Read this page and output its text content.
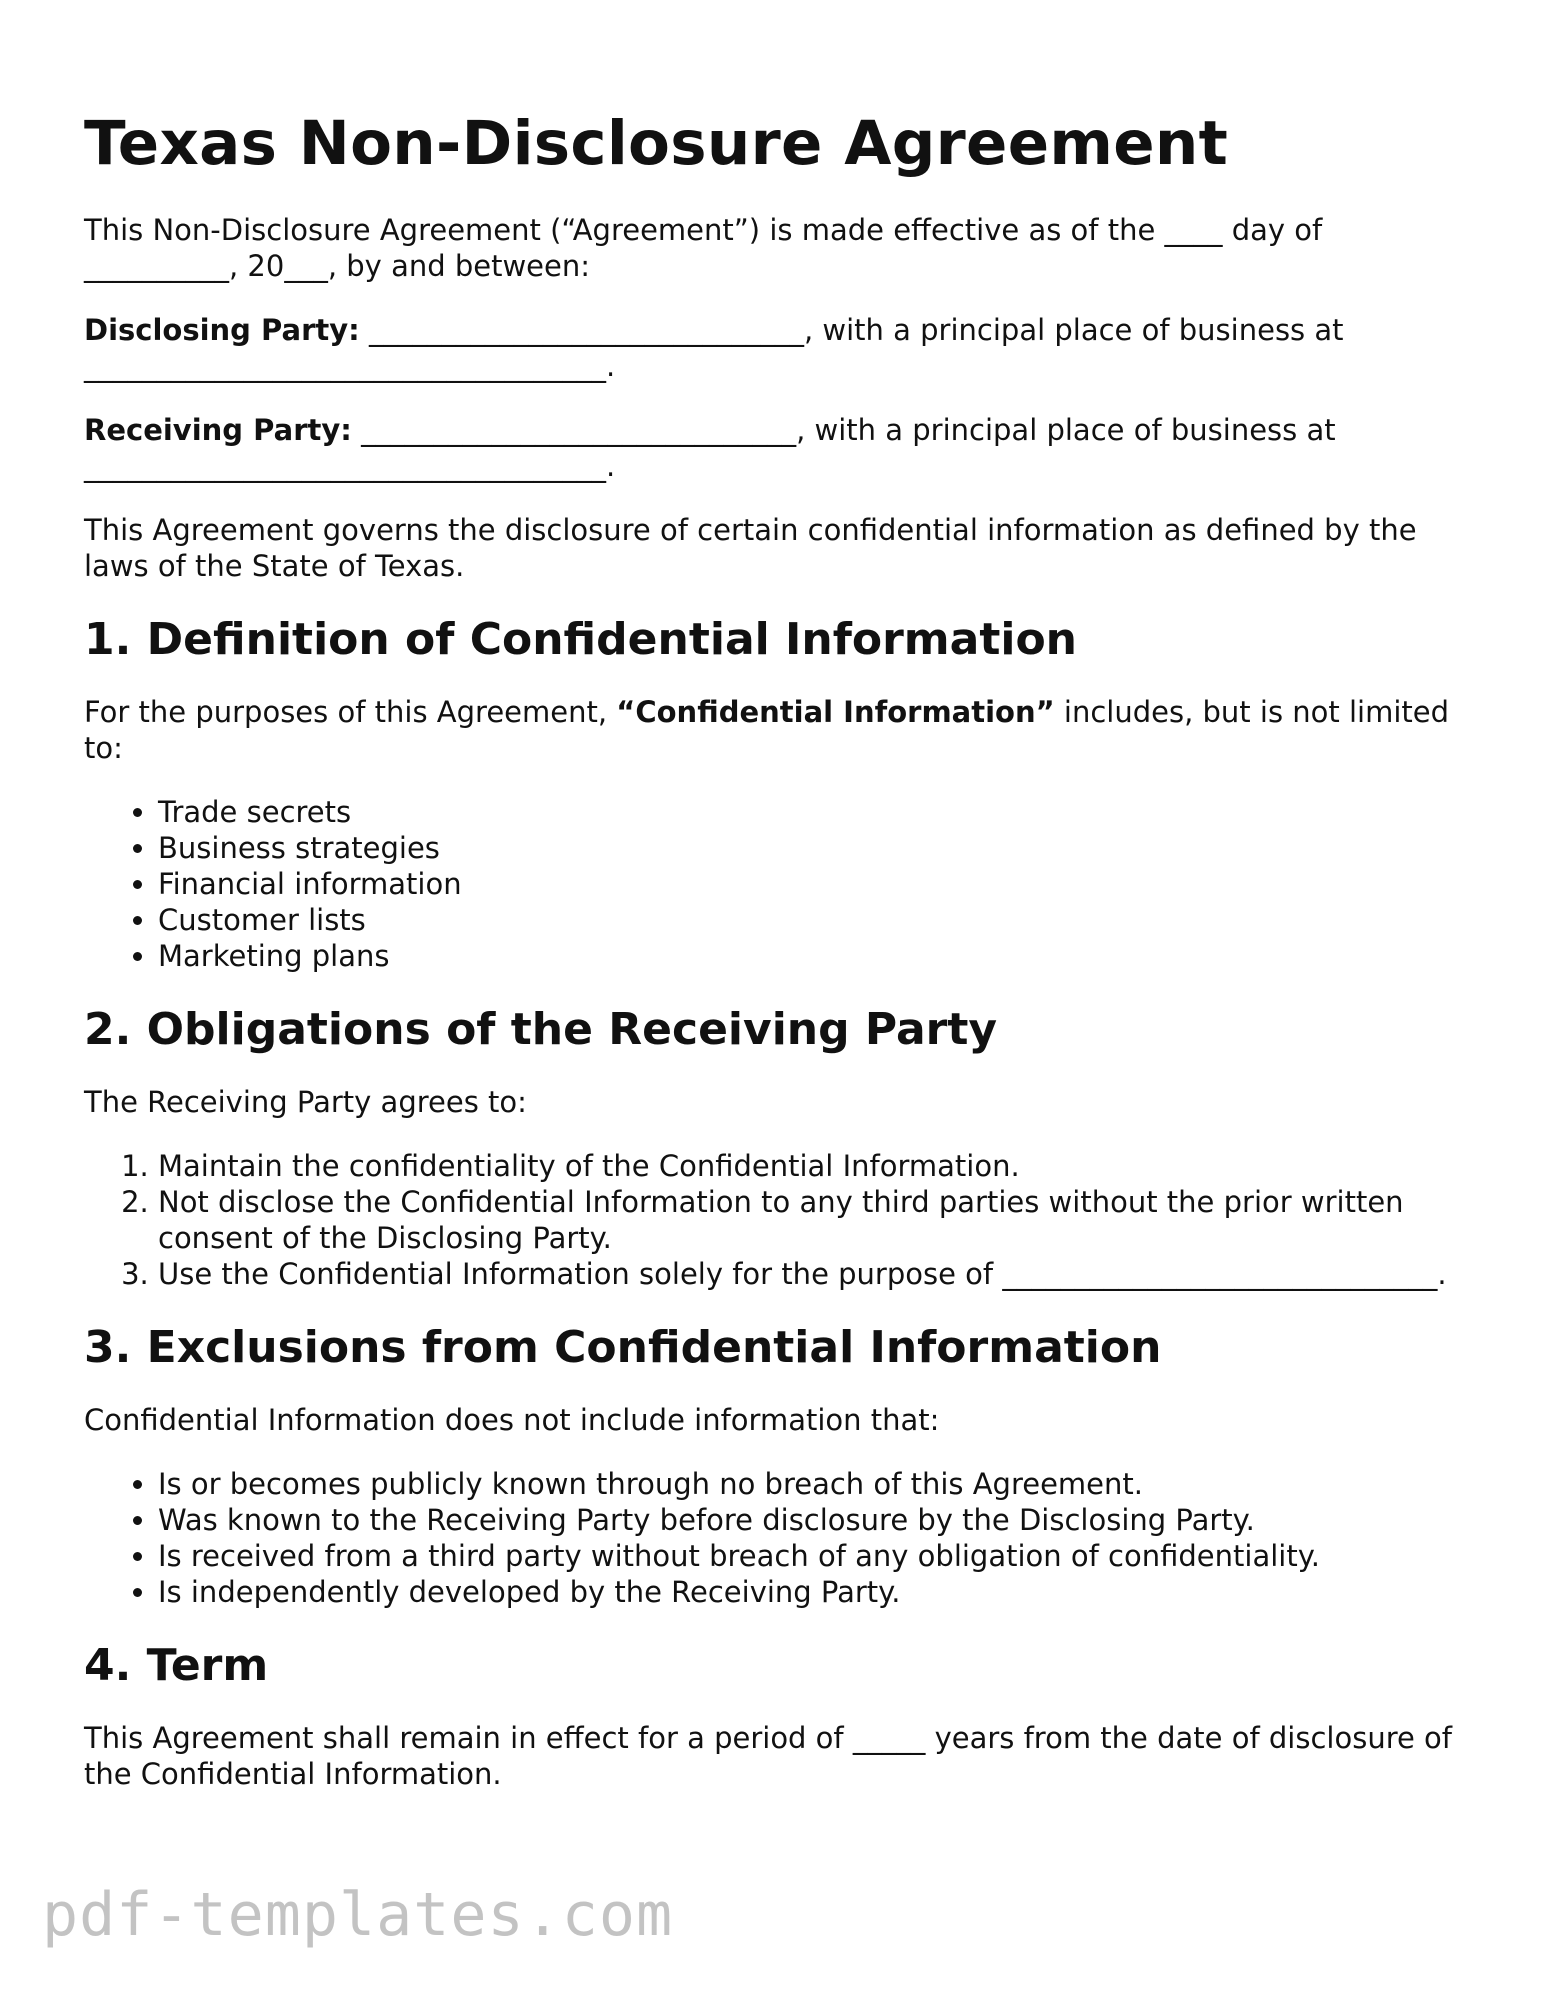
Texas Non-Disclosure Agreement

This Non-Disclosure Agreement (“Agreement”) is made effective as of the ____ day of __________, 20___, by and between:

Disclosing Party: ______________________________, with a principal place of business at ____________________________________.

Receiving Party: ______________________________, with a principal place of business at ____________________________________.

This Agreement governs the disclosure of certain confidential information as defined by the laws of the State of Texas.

1. Definition of Confidential Information

For the purposes of this Agreement, “Confidential Information” includes, but is not limited to:

• Trade secrets
• Business strategies
• Financial information
• Customer lists
• Marketing plans
2. Obligations of the Receiving Party

The Receiving Party agrees to:

1. Maintain the confidentiality of the Confidential Information.
2. Not disclose the Confidential Information to any third parties without the prior written consent of the Disclosing Party.
3. Use the Confidential Information solely for the purpose of ______________________________.
3. Exclusions from Confidential Information

Confidential Information does not include information that:

• Is or becomes publicly known through no breach of this Agreement.
• Was known to the Receiving Party before disclosure by the Disclosing Party.
• Is received from a third party without breach of any obligation of confidentiality.
• Is independently developed by the Receiving Party.
4. Term

This Agreement shall remain in effect for a period of _____ years from the date of disclosure of the Confidential Information.

pdf-templates.com
